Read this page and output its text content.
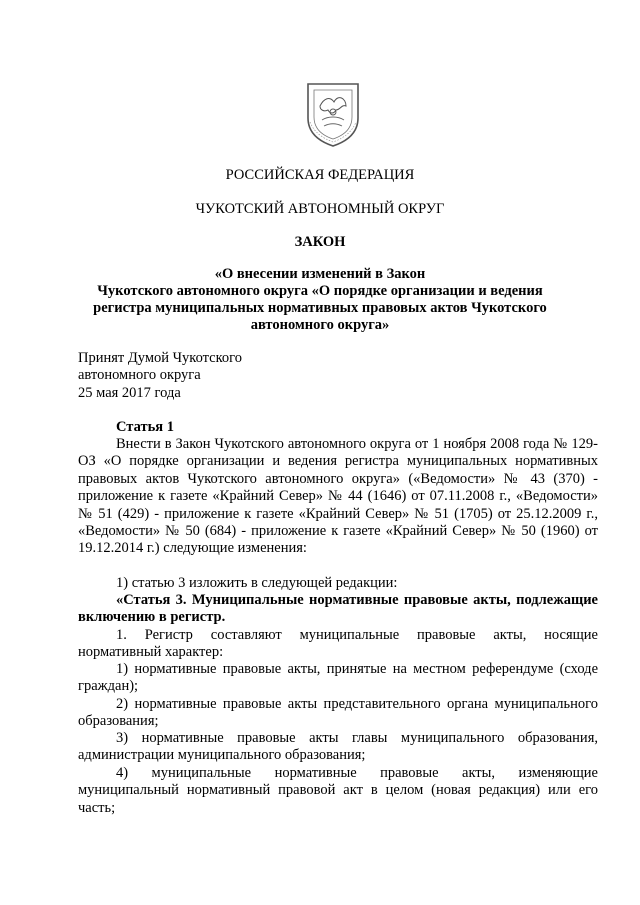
РОССИЙСКАЯ ФЕДЕРАЦИЯ
ЧУКОТСКИЙ АВТОНОМНЫЙ ОКРУГ
ЗАКОН
«О внесении изменений в Закон
Чукотского автономного округа «О порядке организации и ведения
регистра муниципальных нормативных правовых актов Чукотского
автономного округа»
Принят Думой Чукотского
автономного округа
25 мая 2017 года
Статья 1

Внести в Закон Чукотского автономного округа от 1 ноября 2008 года № 129-ОЗ «О порядке организации и ведения регистра муниципальных нормативных правовых актов Чукотского автономного округа» («Ведомости» № 43 (370) - приложение к газете «Крайний Север» № 44 (1646) от 07.11.2008 г., «Ведомости» № 51 (429) - приложение к газете «Крайний Север» № 51 (1705) от 25.12.2009 г., «Ведомости» № 50 (684) - приложение к газете «Крайний Север» № 50 (1960) от 19.12.2014 г.) следующие изменения:

1) статью 3 изложить в следующей редакции:

«Статья 3. Муниципальные нормативные правовые акты, подлежащие включению в регистр.

1. Регистр составляют муниципальные правовые акты, носящие нормативный характер:

1) нормативные правовые акты, принятые на местном референдуме (сходе граждан);

2) нормативные правовые акты представительного органа муниципального образования;

3) нормативные правовые акты главы муниципального образования, администрации муниципального образования;

4) муниципальные нормативные правовые акты, изменяющие муниципальный нормативный правовой акт в целом (новая редакция) или его часть;
